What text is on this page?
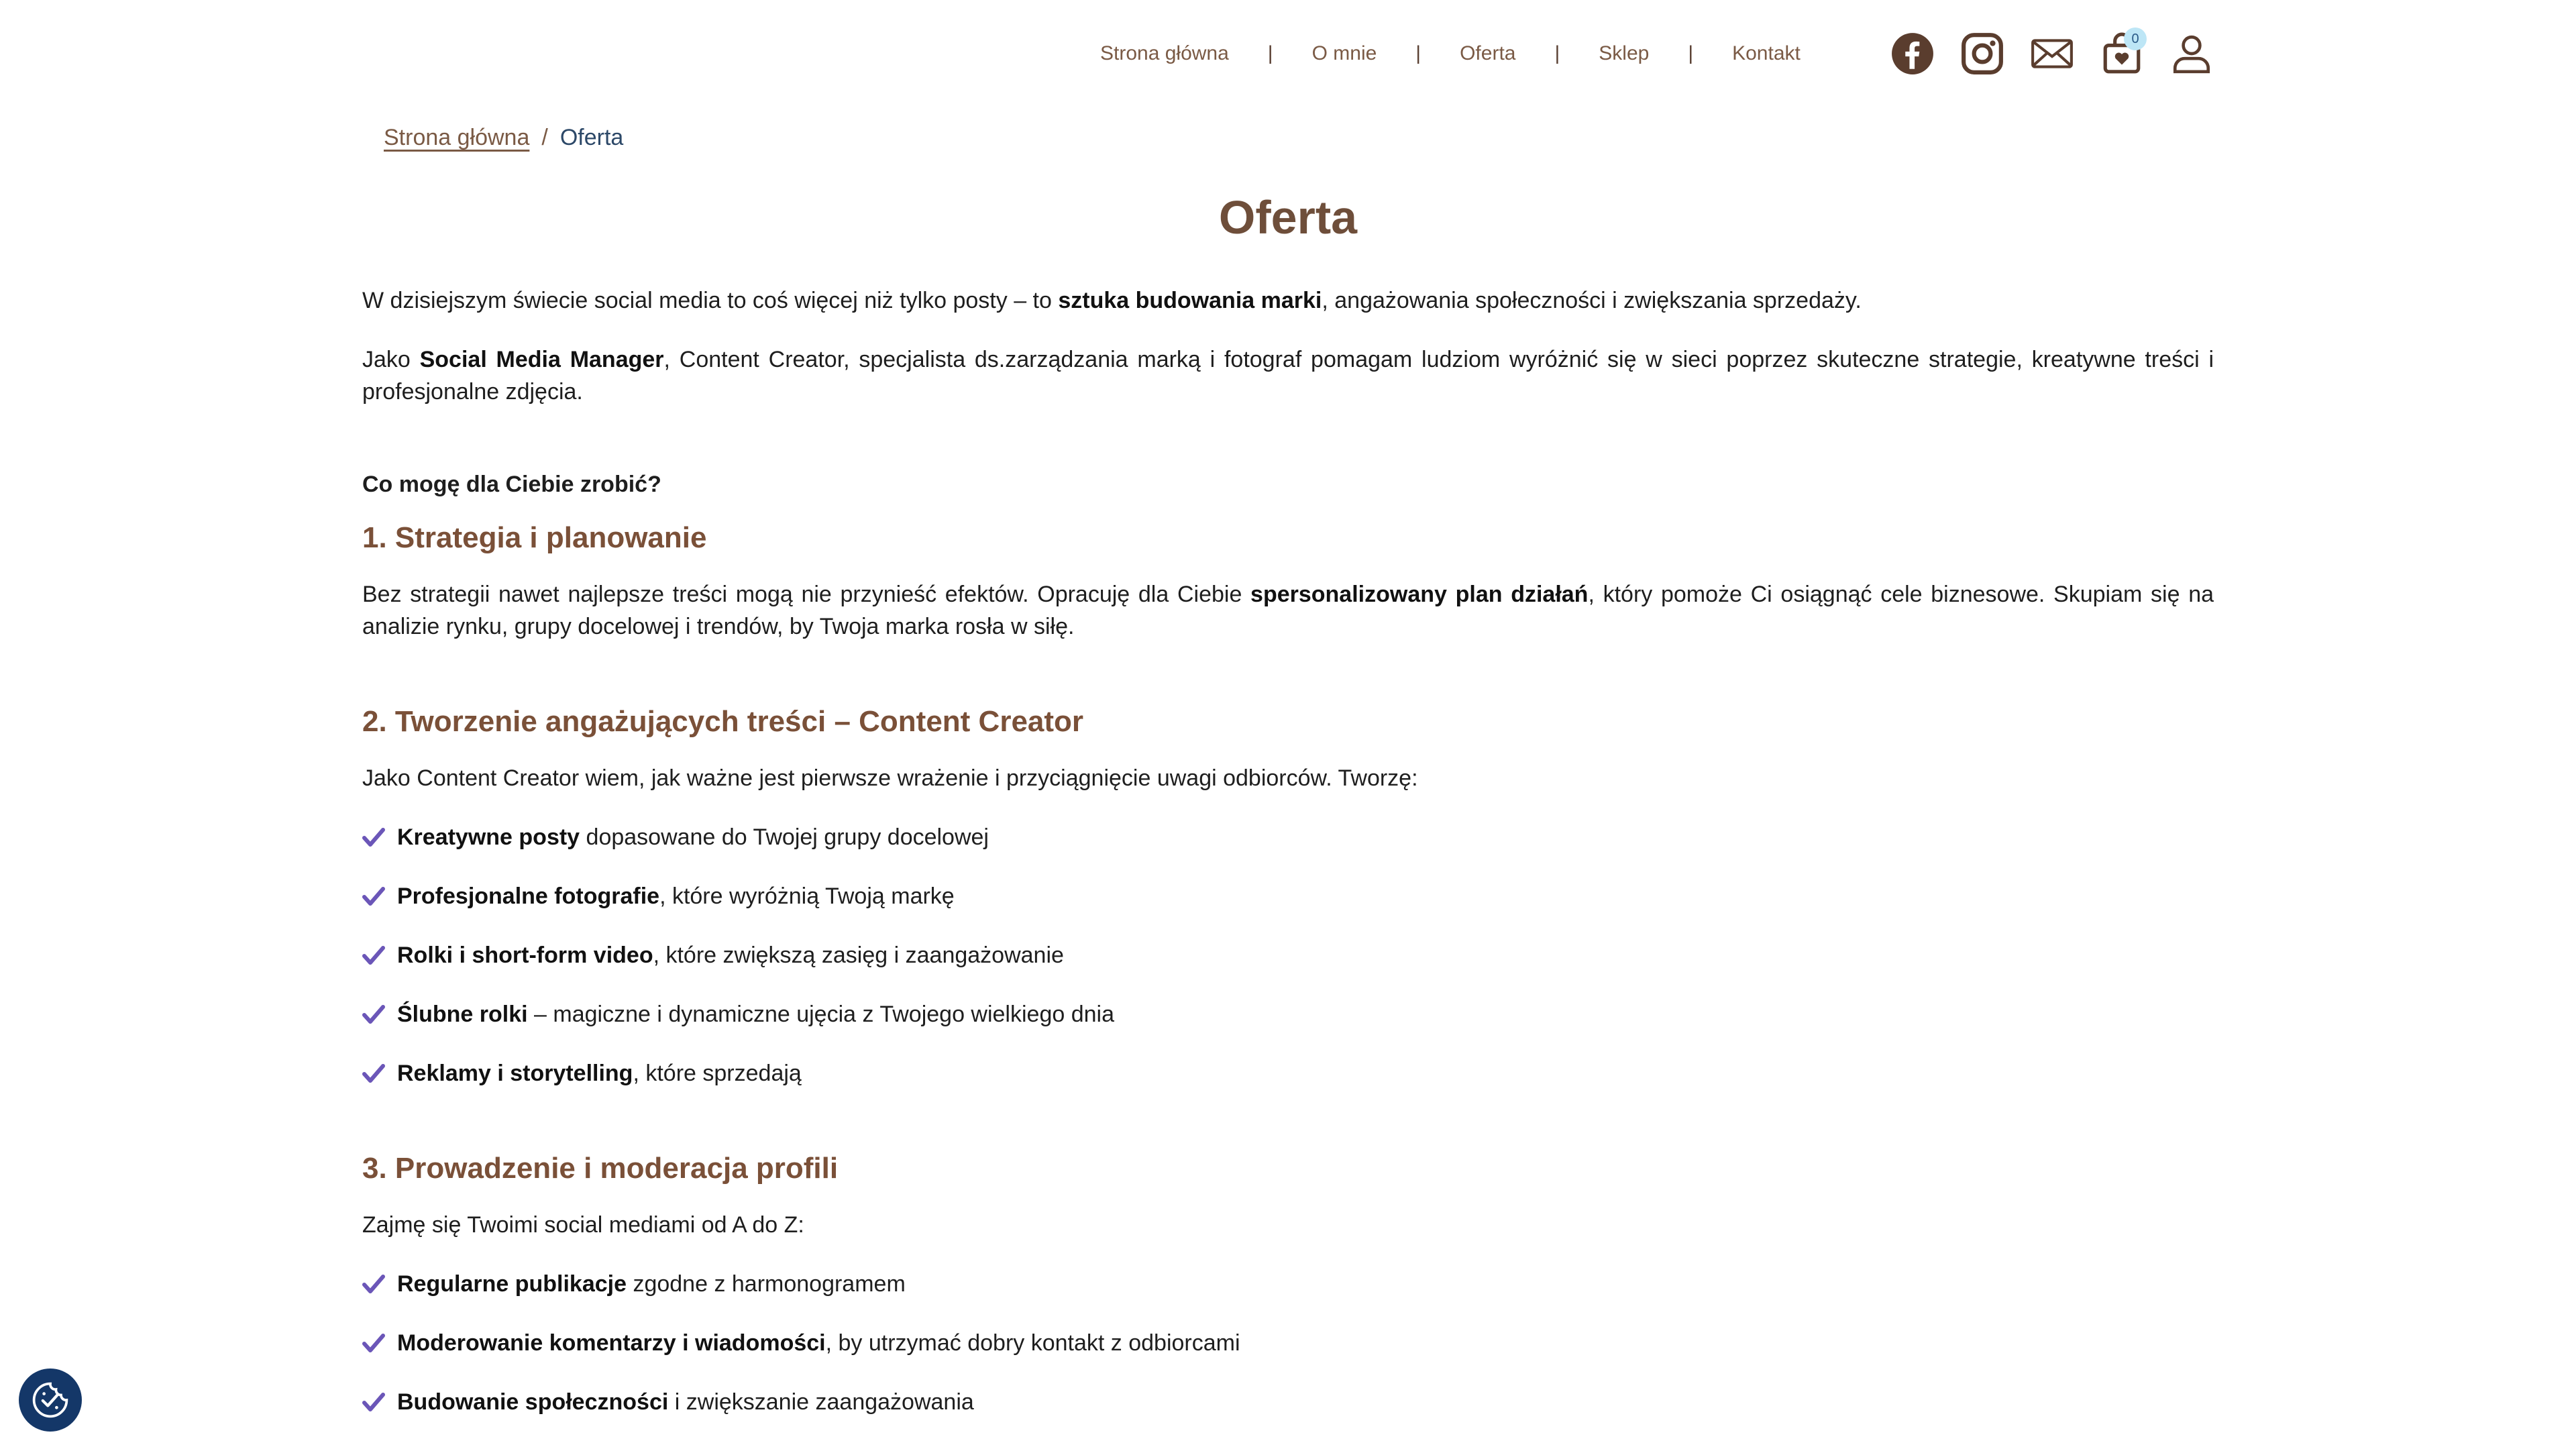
Strona główna | O mnie | Oferta | Sklep | Kontakt
0
Strona główna / Oferta
Oferta

W dzisiejszym świecie social media to coś więcej niż tylko posty – to sztuka budowania marki, angażowania społeczności i zwiększania sprzedaży.

Jako Social Media Manager, Content Creator, specjalista ds.zarządzania marką i fotograf pomagam ludziom wyróżnić się w sieci poprzez skuteczne strategie, kreatywne treści i profesjonalne zdjęcia.

Co mogę dla Ciebie zrobić?

1. Strategia i planowanie

Bez strategii nawet najlepsze treści mogą nie przynieść efektów. Opracuję dla Ciebie spersonalizowany plan działań, który pomoże Ci osiągnąć cele biznesowe. Skupiam się na analizie rynku, grupy docelowej i trendów, by Twoja marka rosła w siłę.

2. Tworzenie angażujących treści – Content Creator

Jako Content Creator wiem, jak ważne jest pierwsze wrażenie i przyciągnięcie uwagi odbiorców. Tworzę:

Kreatywne posty dopasowane do Twojej grupy docelowej
Profesjonalne fotografie, które wyróżnią Twoją markę
Rolki i short-form video, które zwiększą zasięg i zaangażowanie
Ślubne rolki – magiczne i dynamiczne ujęcia z Twojego wielkiego dnia
Reklamy i storytelling, które sprzedają
3. Prowadzenie i moderacja profili

Zajmę się Twoimi social mediami od A do Z:

Regularne publikacje zgodne z harmonogramem
Moderowanie komentarzy i wiadomości, by utrzymać dobry kontakt z odbiorcami
Budowanie społeczności i zwiększanie zaangażowania
